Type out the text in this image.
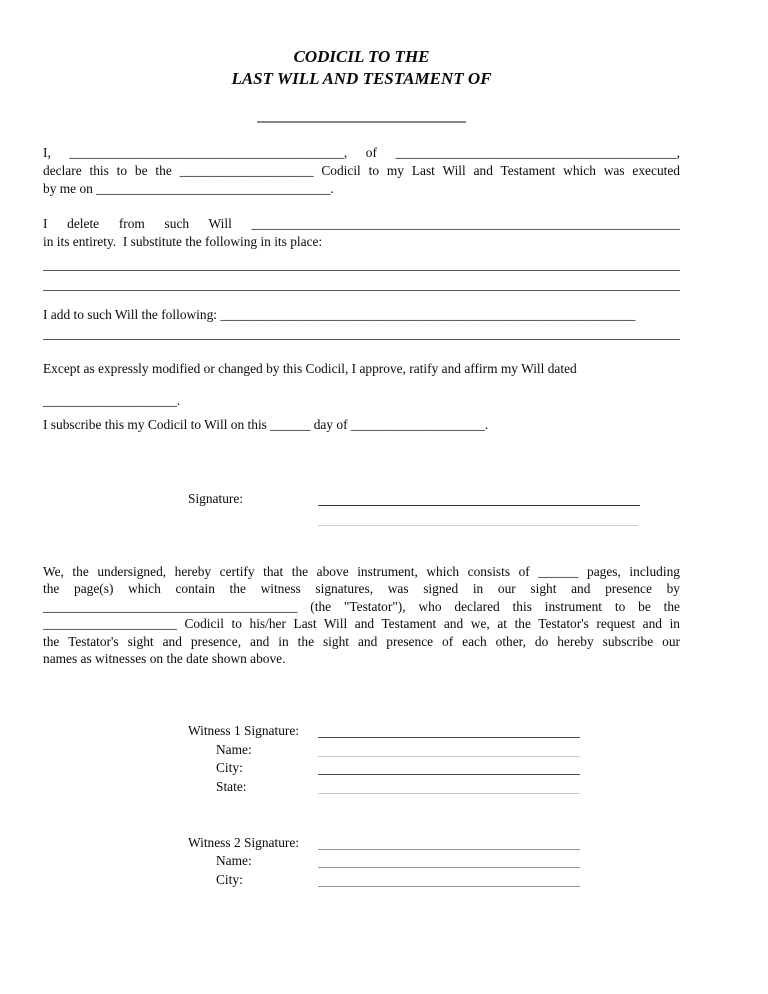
CODICIL TO THE
LAST WILL AND TESTAMENT OF
I, _________________________________________, of __________________________________________,
declare this to be the ____________________ Codicil to my Last Will and Testament which was executed
by me on ___________________________________.
I delete from such Will ________________________________________________________________
in its entirety.  I substitute the following in its place:
I add to such Will the following: ______________________________________________________________
Except as expressly modified or changed by this Codicil, I approve, ratify and affirm my Will dated
____________________.
I subscribe this my Codicil to Will on this ______ day of ____________________.
Signature:
We, the undersigned, hereby certify that the above instrument, which consists of ______ pages, including
the page(s) which contain the witness signatures, was signed in our sight and presence by
______________________________________ (the "Testator"), who declared this instrument to be the
____________________ Codicil to his/her Last Will and Testament and we, at the Testator's request and in
the Testator's sight and presence, and in the sight and presence of each other, do hereby subscribe our
names as witnesses on the date shown above.
Witness 1 Signature:
Name:
City:
State:
Witness 2 Signature:
Name:
City:
